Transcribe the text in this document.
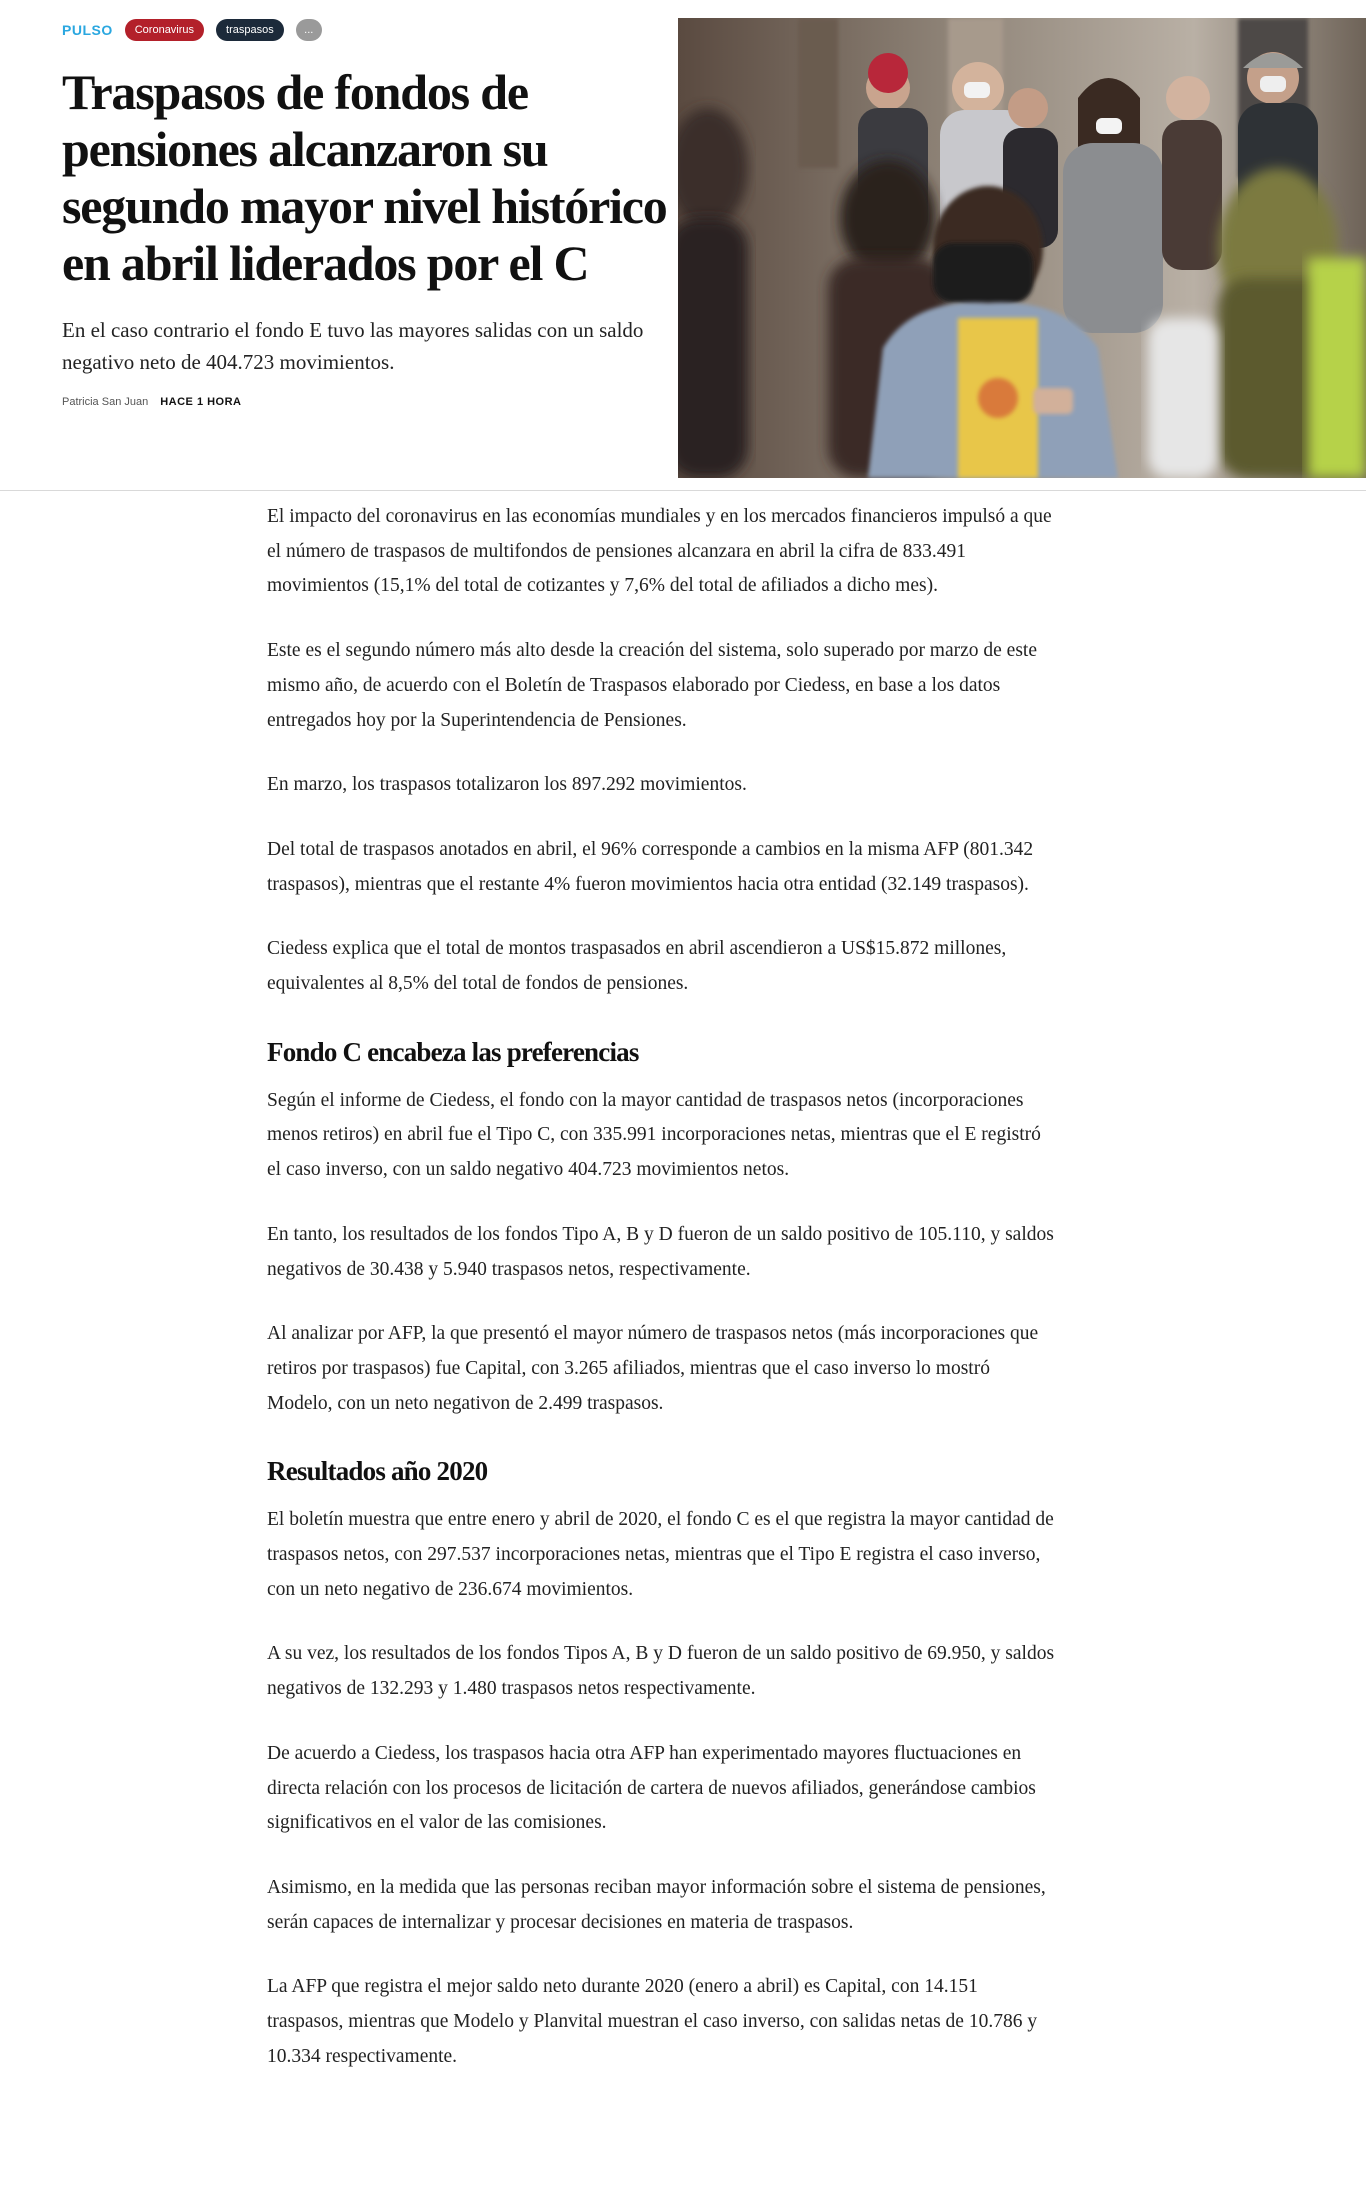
PULSO	Coronavirus	traspasos	...
Traspasos de fondos de pensiones alcanzaron su segundo mayor nivel histórico en abril liderados por el C

En el caso contrario el fondo E tuvo las mayores salidas con un saldo negativo neto de 404.723 movimientos.

Patricia San Juan HACE 1 HORA

El impacto del coronavirus en las economías mundiales y en los mercados financieros impulsó a que el número de traspasos de multifondos de pensiones alcanzara en abril la cifra de 833.491 movimientos (15,1% del total de cotizantes y 7,6% del total de afiliados a dicho mes).

Este es el segundo número más alto desde la creación del sistema, solo superado por marzo de este mismo año, de acuerdo con el Boletín de Traspasos elaborado por Ciedess, en base a los datos entregados hoy por la Superintendencia de Pensiones.

En marzo, los traspasos totalizaron los 897.292 movimientos.

Del total de traspasos anotados en abril, el 96% corresponde a cambios en la misma AFP (801.342 traspasos), mientras que el restante 4% fueron movimientos hacia otra entidad (32.149 traspasos).

Ciedess explica que el total de montos traspasados en abril ascendieron a US$15.872 millones, equivalentes al 8,5% del total de fondos de pensiones.

Fondo C encabeza las preferencias

Según el informe de Ciedess, el fondo con la mayor cantidad de traspasos netos (incorporaciones menos retiros) en abril fue el Tipo C, con 335.991 incorporaciones netas, mientras que el E registró el caso inverso, con un saldo negativo 404.723 movimientos netos.

En tanto, los resultados de los fondos Tipo A, B y D fueron de un saldo positivo de 105.110, y saldos negativos de 30.438 y 5.940 traspasos netos, respectivamente.

Al analizar por AFP, la que presentó el mayor número de traspasos netos (más incorporaciones que retiros por traspasos) fue Capital, con 3.265 afiliados, mientras que el caso inverso lo mostró Modelo, con un neto negativon de 2.499 traspasos.

Resultados año 2020

El boletín muestra que entre enero y abril de 2020, el fondo C es el que registra la mayor cantidad de traspasos netos, con 297.537 incorporaciones netas, mientras que el Tipo E registra el caso inverso, con un neto negativo de 236.674 movimientos.

A su vez, los resultados de los fondos Tipos A, B y D fueron de un saldo positivo de 69.950, y saldos negativos de 132.293 y 1.480 traspasos netos respectivamente.

De acuerdo a Ciedess, los traspasos hacia otra AFP han experimentado mayores fluctuaciones en directa relación con los procesos de licitación de cartera de nuevos afiliados, generándose cambios significativos en el valor de las comisiones.

Asimismo, en la medida que las personas reciban mayor información sobre el sistema de pensiones, serán capaces de internalizar y procesar decisiones en materia de traspasos.

La AFP que registra el mejor saldo neto durante 2020 (enero a abril) es Capital, con 14.151 traspasos, mientras que Modelo y Planvital muestran el caso inverso, con salidas netas de 10.786 y 10.334 respectivamente.
